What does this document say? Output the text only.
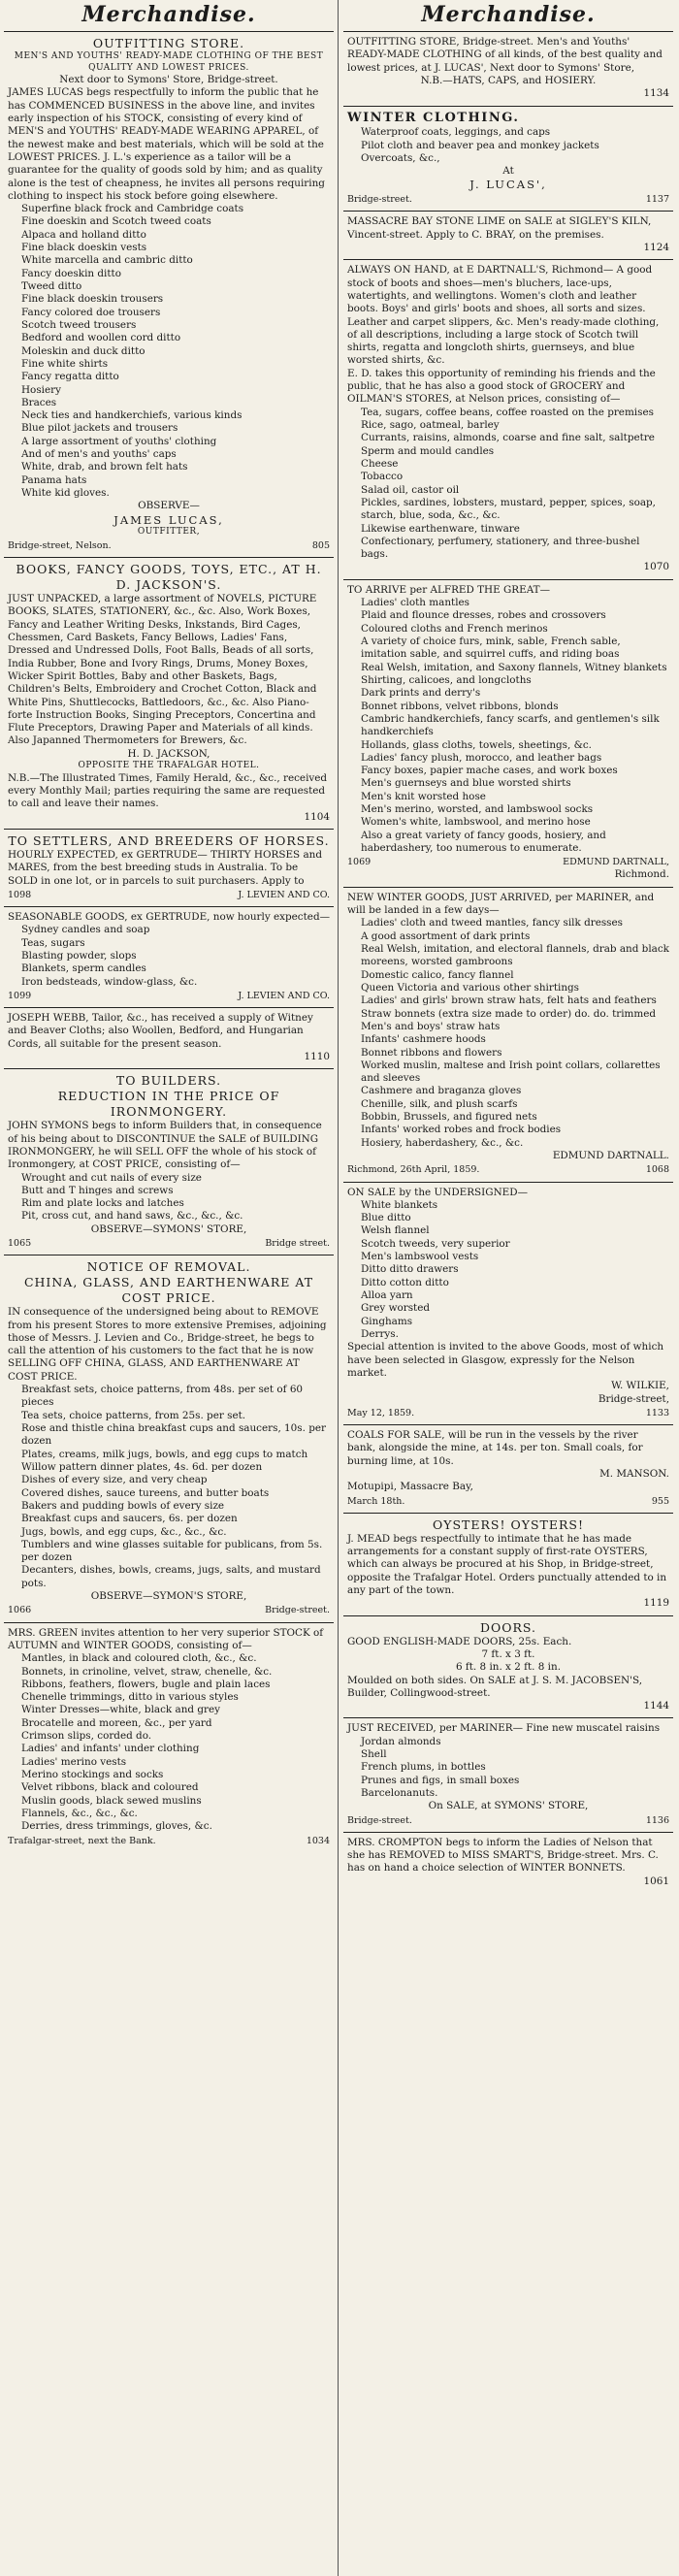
Merchandise.

OUTFITTING STORE.

MEN'S AND YOUTHS' READY-MADE CLOTHING OF THE BEST QUALITY AND LOWEST PRICES.

Next door to Symons' Store, Bridge-street.

JAMES LUCAS begs respectfully to inform the public that he has COMMENCED BUSINESS in the above line, and invites early inspection of his STOCK, consisting of every kind of MEN'S and YOUTHS' READY-MADE WEARING APPAREL, of the newest make and best materials, which will be sold at the LOWEST PRICES. J. L.'s experience as a tailor will be a guarantee for the quality of goods sold by him; and as quality alone is the test of cheapness, he invites all persons requiring clothing to inspect his stock before going elsewhere.

Superfine black frock and Cambridge coats

Fine doeskin and Scotch tweed coats

Alpaca and holland ditto

Fine black doeskin vests

White marcella and cambric ditto

Fancy doeskin ditto

Tweed ditto

Fine black doeskin trousers

Fancy colored doe trousers

Scotch tweed trousers

Bedford and woollen cord ditto

Moleskin and duck ditto

Fine white shirts

Fancy regatta ditto

Hosiery

Braces

Neck ties and handkerchiefs, various kinds

Blue pilot jackets and trousers

A large assortment of youths' clothing

And of men's and youths' caps

White, drab, and brown felt hats

Panama hats

White kid gloves.

OBSERVE—

JAMES LUCAS,

OUTFITTER,

Bridge-street, Nelson.	805

BOOKS, FANCY GOODS, TOYS, ETC., AT H. D. JACKSON'S.

JUST UNPACKED, a large assortment of NOVELS, PICTURE BOOKS, SLATES, STATIONERY, &c., &c. Also, Work Boxes, Fancy and Leather Writing Desks, Inkstands, Bird Cages, Chessmen, Card Baskets, Fancy Bellows, Ladies' Fans, Dressed and Undressed Dolls, Foot Balls, Beads of all sorts, India Rubber, Bone and Ivory Rings, Drums, Money Boxes, Wicker Spirit Bottles, Baby and other Baskets, Bags, Children's Belts, Embroidery and Crochet Cotton, Black and White Pins, Shuttlecocks, Battledoors, &c., &c. Also Piano-forte Instruction Books, Singing Preceptors, Concertina and Flute Preceptors, Drawing Paper and Materials of all kinds. Also Japanned Thermometers for Brewers, &c.

H. D. JACKSON,

OPPOSITE THE TRAFALGAR HOTEL.

N.B.—The Illustrated Times, Family Herald, &c., &c., received every Monthly Mail; parties requiring the same are requested to call and leave their names.

1104

TO SETTLERS, AND BREEDERS OF HORSES.

HOURLY EXPECTED, ex GERTRUDE— THIRTY HORSES and MARES, from the best breeding studs in Australia. To be SOLD in one lot, or in parcels to suit purchasers. Apply to

1098	J. LEVIEN AND CO.

SEASONABLE GOODS, ex GERTRUDE, now hourly expected—

Sydney candles and soap

Teas, sugars

Blasting powder, slops

Blankets, sperm candles

Iron bedsteads, window-glass, &c.

1099	J. LEVIEN AND CO.

JOSEPH WEBB, Tailor, &c., has received a supply of Witney and Beaver Cloths; also Woollen, Bedford, and Hungarian Cords, all suitable for the present season.

1110

TO BUILDERS.

REDUCTION IN THE PRICE OF IRONMONGERY.

JOHN SYMONS begs to inform Builders that, in consequence of his being about to DISCONTINUE the SALE of BUILDING IRONMONGERY, he will SELL OFF the whole of his stock of Ironmongery, at COST PRICE, consisting of—

Wrought and cut nails of every size

Butt and T hinges and screws

Rim and plate locks and latches

Pit, cross cut, and hand saws, &c., &c., &c.

OBSERVE—SYMONS' STORE,

1065	Bridge street.

NOTICE OF REMOVAL.

CHINA, GLASS, AND EARTHENWARE AT COST PRICE.

IN consequence of the undersigned being about to REMOVE from his present Stores to more extensive Premises, adjoining those of Messrs. J. Levien and Co., Bridge-street, he begs to call the attention of his customers to the fact that he is now SELLING OFF CHINA, GLASS, AND EARTHENWARE AT COST PRICE.

Breakfast sets, choice patterns, from 48s. per set of 60 pieces

Tea sets, choice patterns, from 25s. per set.

Rose and thistle china breakfast cups and saucers, 10s. per dozen

Plates, creams, milk jugs, bowls, and egg cups to match

Willow pattern dinner plates, 4s. 6d. per dozen

Dishes of every size, and very cheap

Covered dishes, sauce tureens, and butter boats

Bakers and pudding bowls of every size

Breakfast cups and saucers, 6s. per dozen

Jugs, bowls, and egg cups, &c., &c., &c.

Tumblers and wine glasses suitable for publicans, from 5s. per dozen

Decanters, dishes, bowls, creams, jugs, salts, and mustard pots.

OBSERVE—SYMON'S STORE,

1066	Bridge-street.

MRS. GREEN invites attention to her very superior STOCK of AUTUMN and WINTER GOODS, consisting of—

Mantles, in black and coloured cloth, &c., &c.

Bonnets, in crinoline, velvet, straw, chenelle, &c.

Ribbons, feathers, flowers, bugle and plain laces

Chenelle trimmings, ditto in various styles

Winter Dresses—white, black and grey

Brocatelle and moreen, &c., per yard

Crimson slips, corded do.

Ladies' and infants' under clothing

Ladies' merino vests

Merino stockings and socks

Velvet ribbons, black and coloured

Muslin goods, black sewed muslins

Flannels, &c., &c., &c.

Derries, dress trimmings, gloves, &c.

Trafalgar-street, next the Bank.	1034
Merchandise.

OUTFITTING STORE, Bridge-street. Men's and Youths' READY-MADE CLOTHING of all kinds, of the best quality and lowest prices, at J. LUCAS', Next door to Symons' Store,

N.B.—HATS, CAPS, and HOSIERY.

1134

WINTER CLOTHING.

Waterproof coats, leggings, and caps

Pilot cloth and beaver pea and monkey jackets

Overcoats, &c.,

At

J. LUCAS',

Bridge-street.	1137

MASSACRE BAY STONE LIME on SALE at SIGLEY'S KILN, Vincent-street. Apply to C. BRAY, on the premises.

1124

ALWAYS ON HAND, at E DARTNALL'S, Richmond— A good stock of boots and shoes—men's bluchers, lace-ups, watertights, and wellingtons. Women's cloth and leather boots. Boys' and girls' boots and shoes, all sorts and sizes. Leather and carpet slippers, &c. Men's ready-made clothing, of all descriptions, including a large stock of Scotch twill shirts, regatta and longcloth shirts, guernseys, and blue worsted shirts, &c.

E. D. takes this opportunity of reminding his friends and the public, that he has also a good stock of GROCERY and OILMAN'S STORES, at Nelson prices, consisting of—

Tea, sugars, coffee beans, coffee roasted on the premises

Rice, sago, oatmeal, barley

Currants, raisins, almonds, coarse and fine salt, saltpetre

Sperm and mould candles

Cheese

Tobacco

Salad oil, castor oil

Pickles, sardines, lobsters, mustard, pepper, spices, soap, starch, blue, soda, &c., &c.

Likewise earthenware, tinware

Confectionary, perfumery, stationery, and three-bushel bags.

1070

TO ARRIVE per ALFRED THE GREAT—

Ladies' cloth mantles

Plaid and flounce dresses, robes and crossovers

Coloured cloths and French merinos

A variety of choice furs, mink, sable, French sable, imitation sable, and squirrel cuffs, and riding boas

Real Welsh, imitation, and Saxony flannels, Witney blankets

Shirting, calicoes, and longcloths

Dark prints and derry's

Bonnet ribbons, velvet ribbons, blonds

Cambric handkerchiefs, fancy scarfs, and gentlemen's silk handkerchiefs

Hollands, glass cloths, towels, sheetings, &c.

Ladies' fancy plush, morocco, and leather bags

Fancy boxes, papier mache cases, and work boxes

Men's guernseys and blue worsted shirts

Men's knit worsted hose

Men's merino, worsted, and lambswool socks

Women's white, lambswool, and merino hose

Also a great variety of fancy goods, hosiery, and haberdashery, too numerous to enumerate.

1069	EDMUND DARTNALL,

Richmond.

NEW WINTER GOODS, JUST ARRIVED, per MARINER, and will be landed in a few days—

Ladies' cloth and tweed mantles, fancy silk dresses

A good assortment of dark prints

Real Welsh, imitation, and electoral flannels, drab and black moreens, worsted gambroons

Domestic calico, fancy flannel

Queen Victoria and various other shirtings

Ladies' and girls' brown straw hats, felt hats and feathers

Straw bonnets (extra size made to order) do. do. trimmed

Men's and boys' straw hats

Infants' cashmere hoods

Bonnet ribbons and flowers

Worked muslin, maltese and Irish point collars, collarettes and sleeves

Cashmere and braganza gloves

Chenille, silk, and plush scarfs

Bobbin, Brussels, and figured nets

Infants' worked robes and frock bodies

Hosiery, haberdashery, &c., &c.

EDMUND DARTNALL.

Richmond, 26th April, 1859.	1068

ON SALE by the UNDERSIGNED—

White blankets

Blue ditto

Welsh flannel

Scotch tweeds, very superior

Men's lambswool vests

Ditto ditto drawers

Ditto cotton ditto

Alloa yarn

Grey worsted

Ginghams

Derrys.

Special attention is invited to the above Goods, most of which have been selected in Glasgow, expressly for the Nelson market.

W. WILKIE,

Bridge-street,

May 12, 1859.	1133

COALS FOR SALE, will be run in the vessels by the river bank, alongside the mine, at 14s. per ton. Small coals, for burning lime, at 10s.

M. MANSON.

Motupipi, Massacre Bay,

March 18th.	955

OYSTERS! OYSTERS!

J. MEAD begs respectfully to intimate that he has made arrangements for a constant supply of first-rate OYSTERS, which can always be procured at his Shop, in Bridge-street, opposite the Trafalgar Hotel. Orders punctually attended to in any part of the town.

1119

DOORS.

GOOD ENGLISH-MADE DOORS, 25s. Each.

7 ft. x 3 ft.

6 ft. 8 in. x 2 ft. 8 in.

Moulded on both sides. On SALE at J. S. M. JACOBSEN'S, Builder, Collingwood-street.

1144

JUST RECEIVED, per MARINER— Fine new muscatel raisins

Jordan almonds

Shell

French plums, in bottles

Prunes and figs, in small boxes

Barcelonanuts.

On SALE, at SYMONS' STORE,

Bridge-street.	1136

MRS. CROMPTON begs to inform the Ladies of Nelson that she has REMOVED to MISS SMART'S, Bridge-street. Mrs. C. has on hand a choice selection of WINTER BONNETS.

1061
